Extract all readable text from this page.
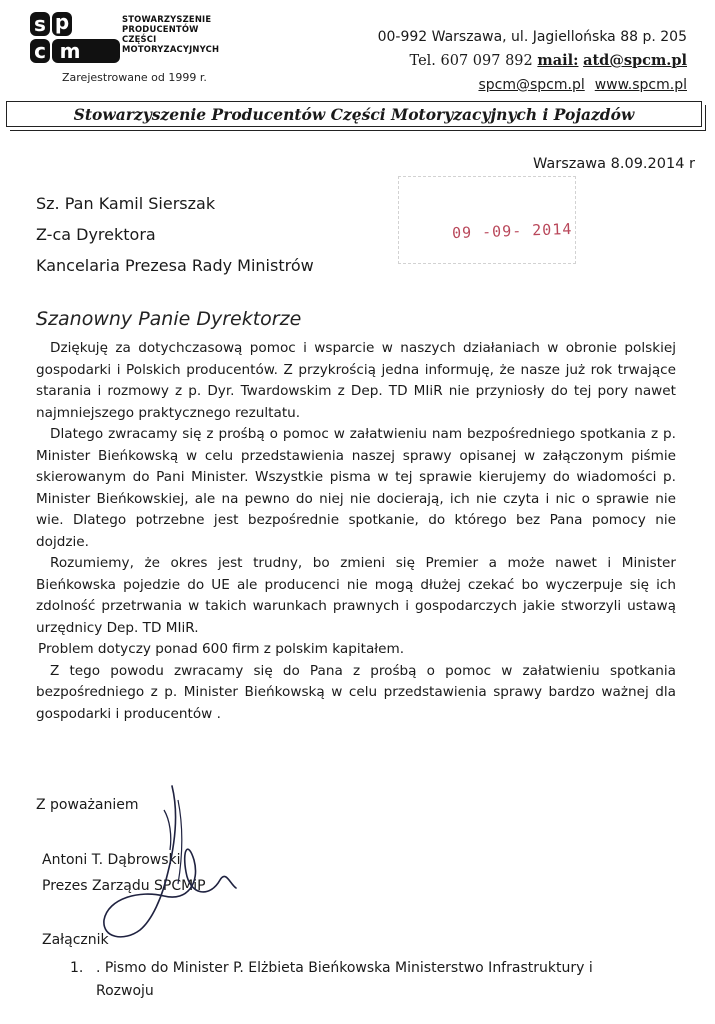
s p
c m
STOWARZYSZENIE
PRODUCENTÓW
CZĘŚCI
MOTORYZACYJNYCH
Zarejestrowane od 1999 r.
00-992 Warszawa, ul. Jagiellońska 88 p. 205
Tel. 607 097 892 mail: atd@spcm.pl
spcm@spcm.pl www.spcm.pl
Stowarzyszenie Producentów Części Motoryzacyjnych i Pojazdów
Warszawa 8.09.2014 r
09 -09- 2014
Sz. Pan Kamil Sierszak
Z-ca Dyrektora
Kancelaria Prezesa Rady Ministrów
Szanowny Panie Dyrektorze

Dziękuję za dotychczasową pomoc i wsparcie w naszych działaniach w obronie polskiej gospodarki i Polskich producentów. Z przykrością jedna informuję, że nasze już rok trwające starania i rozmowy z p. Dyr. Twardowskim z Dep. TD MIiR nie przyniosły do tej pory nawet najmniejszego praktycznego rezultatu.

Dlatego zwracamy się z prośbą o pomoc w załatwieniu nam bezpośredniego spotkania z p. Minister Bieńkowską w celu przedstawienia naszej sprawy opisanej w załączonym piśmie skierowanym do Pani Minister. Wszystkie pisma w tej sprawie kierujemy do wiadomości p. Minister Bieńkowskiej, ale na pewno do niej nie docierają, ich nie czyta i nic o sprawie nie wie. Dlatego potrzebne jest bezpośrednie spotkanie, do którego bez Pana pomocy nie dojdzie.

Rozumiemy, że okres jest trudny, bo zmieni się Premier a może nawet i Minister Bieńkowska pojedzie do UE ale producenci nie mogą dłużej czekać bo wyczerpuje się ich zdolność przetrwania w takich warunkach prawnych i gospodarczych jakie stworzyli ustawą urzędnicy Dep. TD MIiR.

Problem dotyczy ponad 600 firm z polskim kapitałem.

Z tego powodu zwracamy się do Pana z prośbą o pomoc w załatwieniu spotkania bezpośredniego z p. Minister Bieńkowską w celu przedstawienia sprawy bardzo ważnej dla gospodarki i producentów .

Z poważaniem
Antoni T. Dąbrowski
Prezes Zarządu SPCMiP
Załącznik
1. . Pismo do Minister P. Elżbieta Bieńkowska Ministerstwo Infrastruktury i
Rozwoju
